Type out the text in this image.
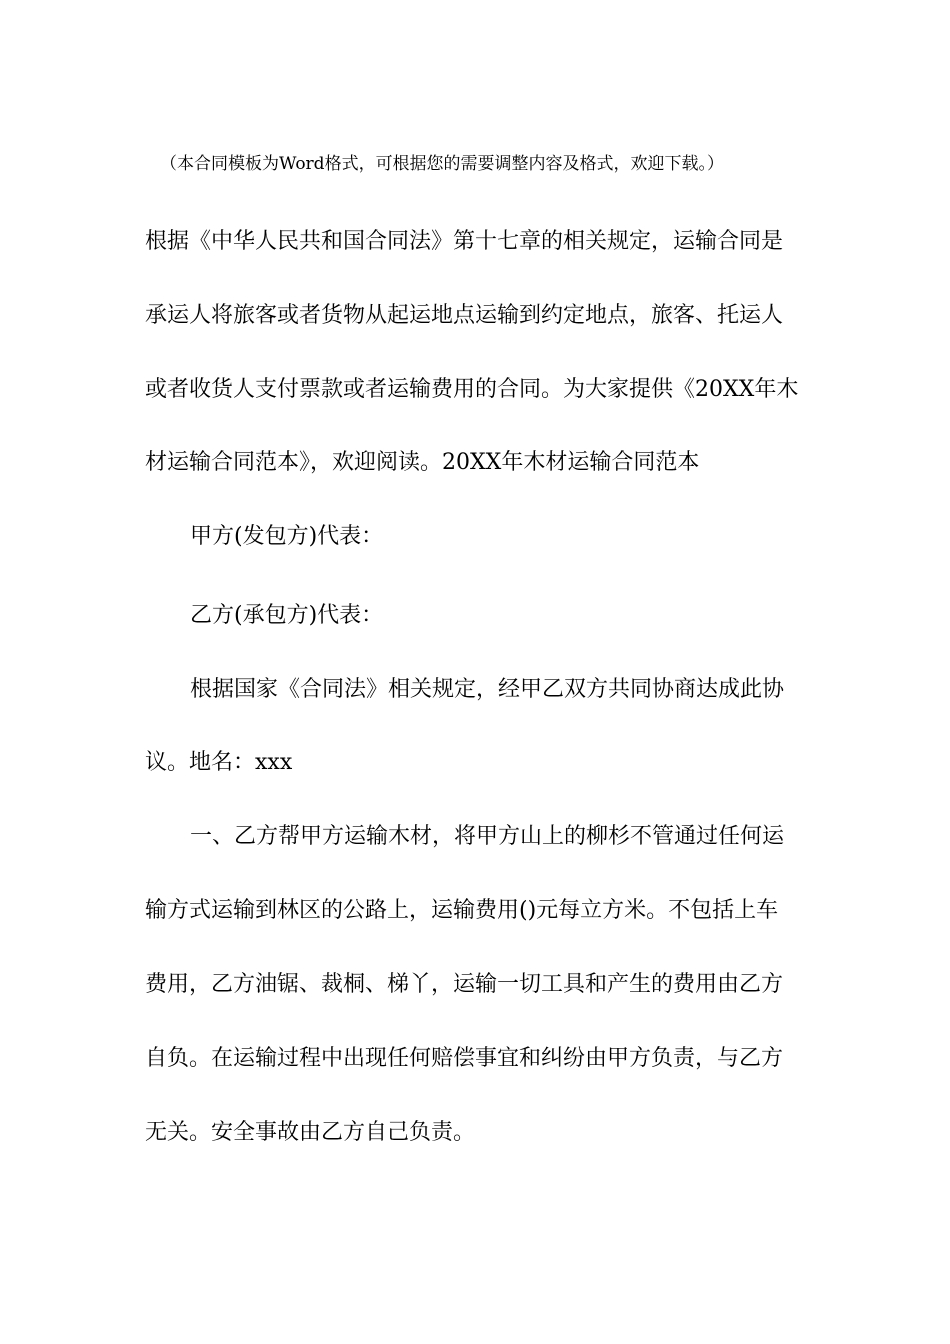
（本合同模板为Word格式，可根据您的需要调整内容及格式，欢迎下载。）
根据《中华人民共和国合同法》第十七章的相关规定，运输合同是
承运人将旅客或者货物从起运地点运输到约定地点，旅客、托运人
或者收货人支付票款或者运输费用的合同。为大家提供《20XX年木
材运输合同范本》，欢迎阅读。20XX年木材运输合同范本
甲方(发包方)代表：
乙方(承包方)代表：
根据国家《合同法》相关规定，经甲乙双方共同协商达成此协
议。地名：xxx
一、乙方帮甲方运输木材，将甲方山上的柳杉不管通过任何运
输方式运输到林区的公路上，运输费用()元每立方米。不包括上车
费用，乙方油锯、裁桐、梯丫，运输一切工具和产生的费用由乙方
自负。在运输过程中出现任何赔偿事宜和纠纷由甲方负责，与乙方
无关。安全事故由乙方自己负责。
